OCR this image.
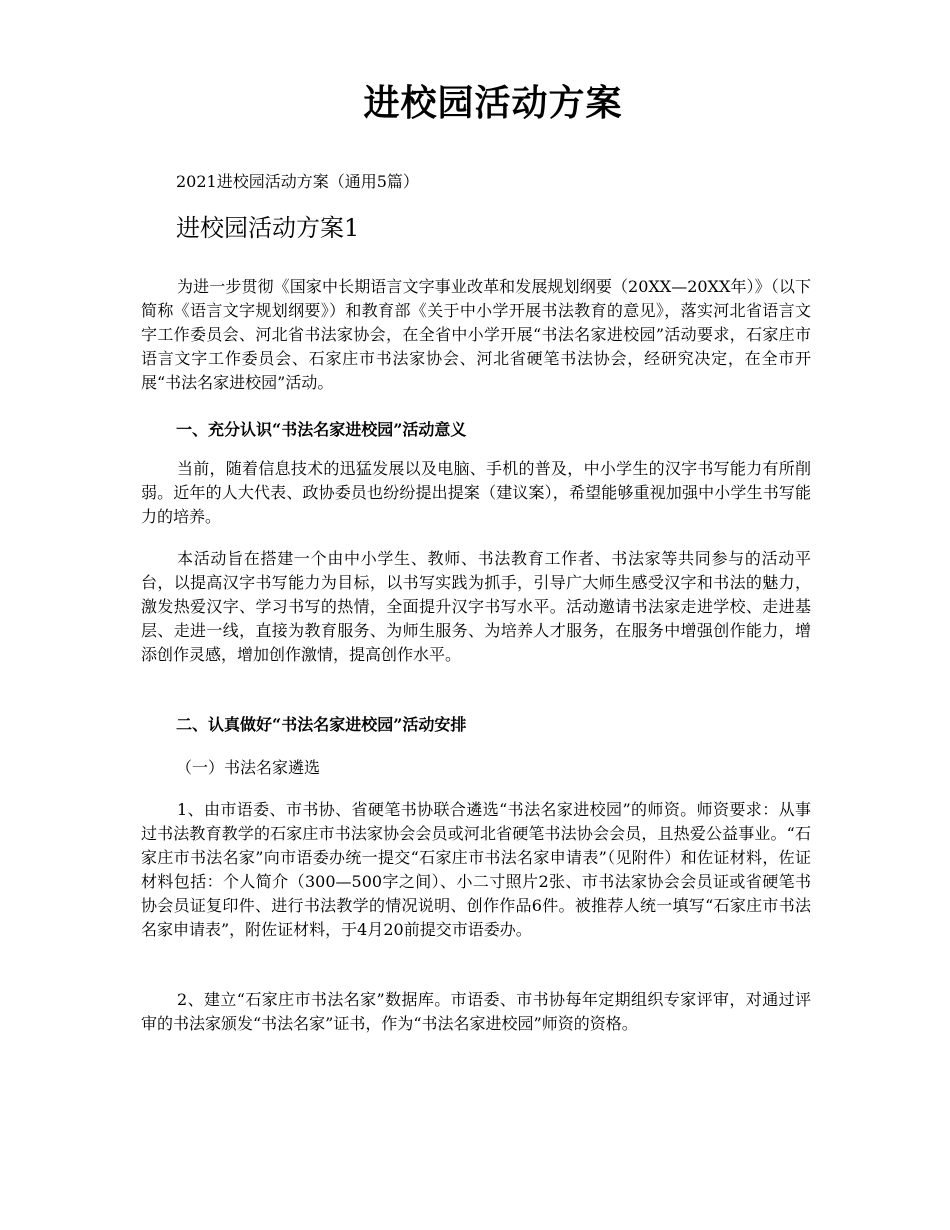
进校园活动方案
2021进校园活动方案（通用5篇）
进校园活动方案1
为进一步贯彻《国家中长期语言文字事业改革和发展规划纲要（20XX—20XX年）》（以下简称《语言文字规划纲要》）和教育部《关于中小学开展书法教育的意见》，落实河北省语言文字工作委员会、河北省书法家协会，在全省中小学开展“书法名家进校园”活动要求，石家庄市语言文字工作委员会、石家庄市书法家协会、河北省硬笔书法协会，经研究决定，在全市开展“书法名家进校园”活动。
一、充分认识“书法名家进校园”活动意义
当前，随着信息技术的迅猛发展以及电脑、手机的普及，中小学生的汉字书写能力有所削弱。近年的人大代表、政协委员也纷纷提出提案（建议案），希望能够重视加强中小学生书写能力的培养。
本活动旨在搭建一个由中小学生、教师、书法教育工作者、书法家等共同参与的活动平台，以提高汉字书写能力为目标，以书写实践为抓手，引导广大师生感受汉字和书法的魅力，激发热爱汉字、学习书写的热情，全面提升汉字书写水平。活动邀请书法家走进学校、走进基层、走进一线，直接为教育服务、为师生服务、为培养人才服务，在服务中增强创作能力，增添创作灵感，增加创作激情，提高创作水平。
二、认真做好“书法名家进校园”活动安排
（一）书法名家遴选
1、由市语委、市书协、省硬笔书协联合遴选“书法名家进校园”的师资。师资要求：从事过书法教育教学的石家庄市书法家协会会员或河北省硬笔书法协会会员，且热爱公益事业。“石家庄市书法名家”向市语委办统一提交“石家庄市书法名家申请表”（见附件）和佐证材料，佐证材料包括：个人简介（300—500字之间）、小二寸照片2张、市书法家协会会员证或省硬笔书协会员证复印件、进行书法教学的情况说明、创作作品6件。被推荐人统一填写“石家庄市书法名家申请表”，附佐证材料，于4月20前提交市语委办。
2、建立“石家庄市书法名家”数据库。市语委、市书协每年定期组织专家评审，对通过评审的书法家颁发“书法名家”证书，作为“书法名家进校园”师资的资格。
